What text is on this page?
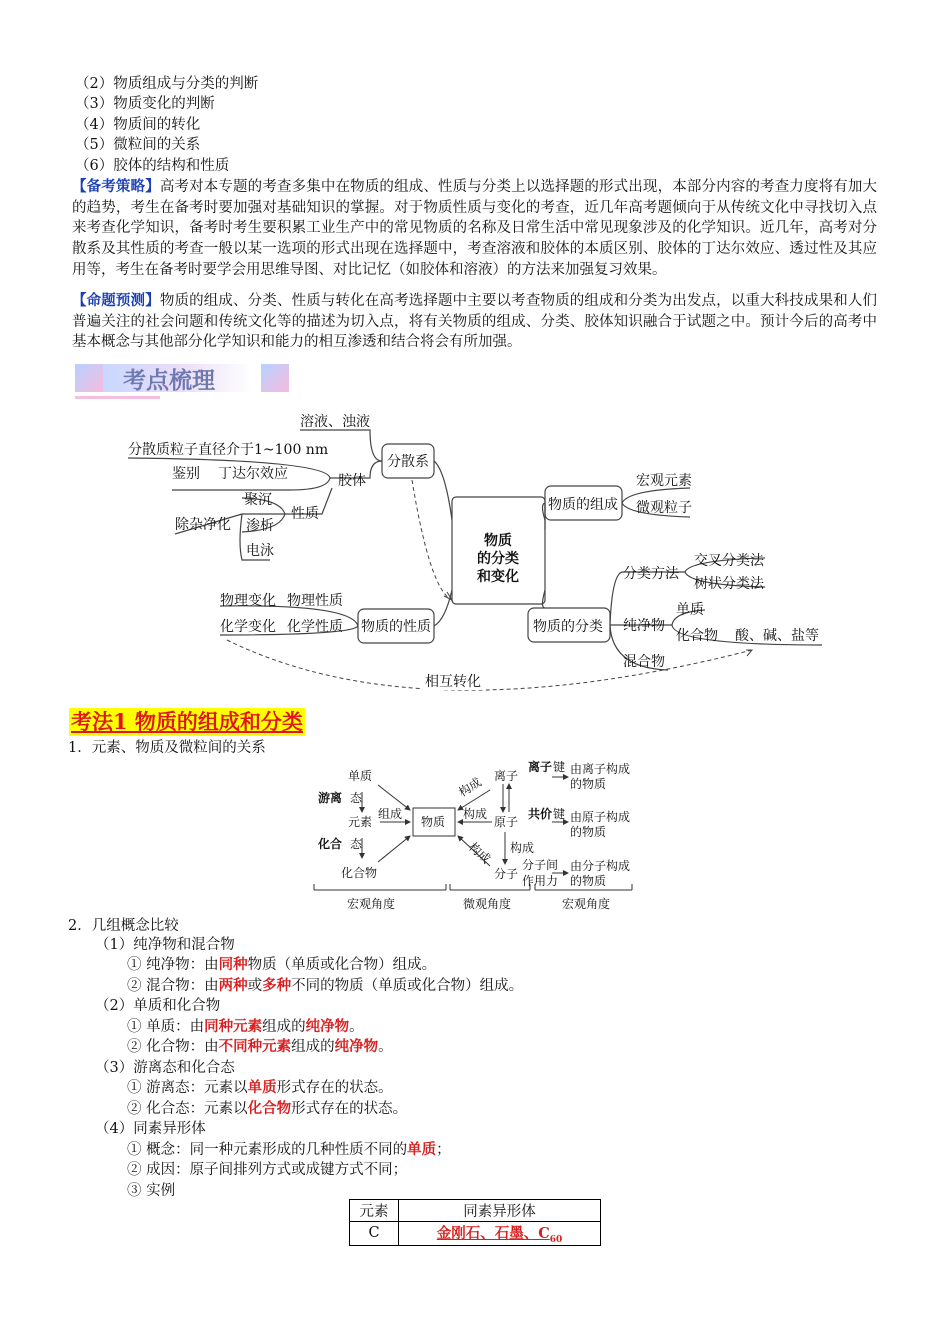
（2）物质组成与分类的判断
（3）物质变化的判断
（4）物质间的转化
（5）微粒间的关系
（6）胶体的结构和性质
【备考策略】高考对本专题的考查多集中在物质的组成、性质与分类上以选择题的形式出现，本部分内容的考查力度将有加大的趋势，考生在备考时要加强对基础知识的掌握。对于物质性质与变化的考查，近几年高考题倾向于从传统文化中寻找切入点来考查化学知识，备考时考生要积累工业生产中的常见物质的名称及日常生活中常见现象涉及的化学知识。近几年，高考对分散系及其性质的考查一般以某一选项的形式出现在选择题中，考查溶液和胶体的本质区别、胶体的丁达尔效应、透过性及其应用等，考生在备考时要学会用思维导图、对比记忆（如胶体和溶液）的方法来加强复习效果。
【命题预测】物质的组成、分类、性质与转化在高考选择题中主要以考查物质的组成和分类为出发点，以重大科技成果和人们普遍关注的社会问题和传统文化等的描述为切入点，将有关物质的组成、分类、胶体知识融合于试题之中。预计今后的高考中基本概念与其他部分化学知识和能力的相互渗透和结合将会有所加强。
考点梳理
物质
的分类
和变化
分散系
溶液、浊液
分散质粒子直径介于1~100 nm
胶体
鉴别 丁达尔效应
性质
聚沉
除杂净化 渗析
电泳
物质的组成
宏观元素
微观粒子
物质的分类
分类方法
交叉分类法
树状分类法
纯净物
单质
化合物 酸、碱、盐等
混合物
物质的性质
物理变化 物理性质
化学变化 化学性质
相互转化
考法1 物质的组成和分类
1．元素、物质及微粒间的关系
单质
游离 态
元素
化合 态
化合物
组成
物质
构成
构成
构成 构成
离子
原子
分子
离子 键
共价 键
分子间
作用力
由离子构成
的物质
由原子构成
的物质
由分子构成
的物质
宏观角度	微观角度	宏观角度
2．几组概念比较
（1）纯净物和混合物
① 纯净物：由同种物质（单质或化合物）组成。
② 混合物：由两种或多种不同的物质（单质或化合物）组成。
（2）单质和化合物
① 单质：由同种元素组成的纯净物。
② 化合物：由不同种元素组成的纯净物。
（3）游离态和化合态
① 游离态：元素以单质形式存在的状态。
② 化合态：元素以化合物形式存在的状态。
（4）同素异形体
① 概念：同一种元素形成的几种性质不同的单质；
② 成因：原子间排列方式或成键方式不同；
③ 实例
元素	同素异形体
C	金刚石、石墨、$C_{60}$
